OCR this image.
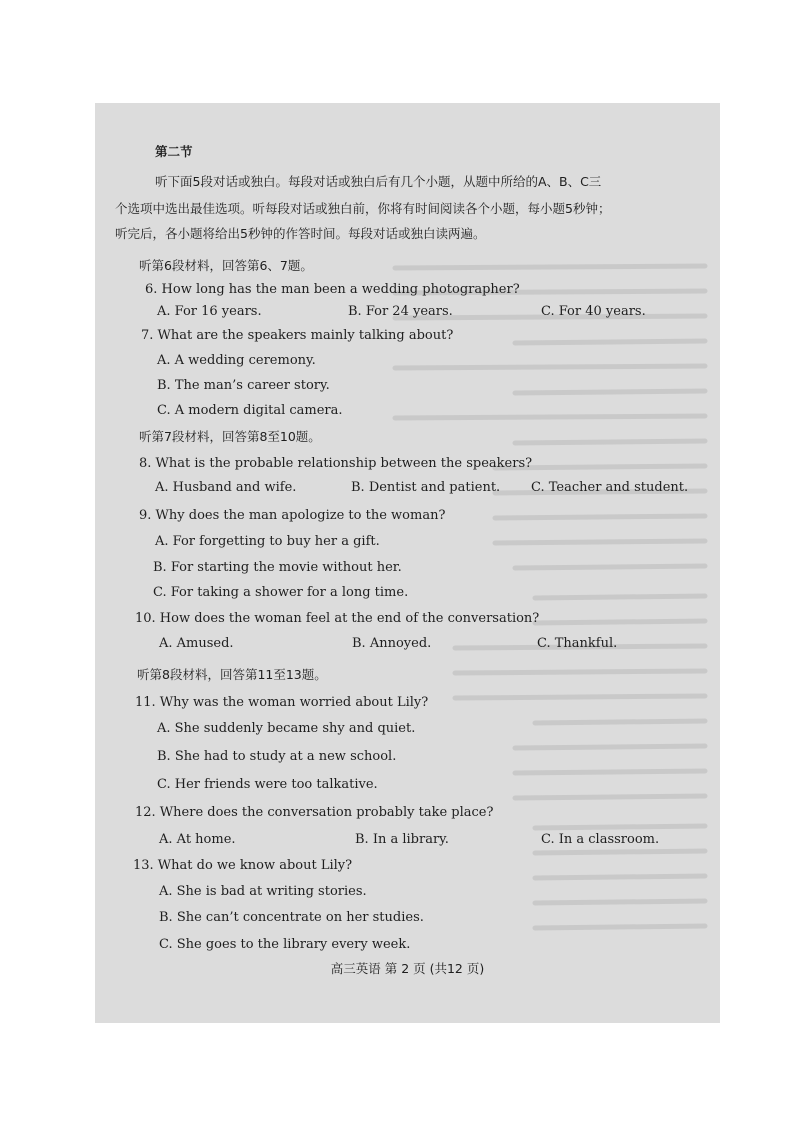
第二节
听下面5段对话或独白。每段对话或独白后有几个小题，从题中所给的A、B、C三
个选项中选出最佳选项。听每段对话或独白前，你将有时间阅读各个小题，每小题5秒钟；
听完后，各小题将给出5秒钟的作答时间。每段对话或独白读两遍。
听第6段材料，回答第6、7题。
6. How long has the man been a wedding photographer?
A. For 16 years.	B. For 24 years.	C. For 40 years.
7. What are the speakers mainly talking about?
A. A wedding ceremony.
B. The man’s career story.
C. A modern digital camera.
听第7段材料，回答第8至10题。
8. What is the probable relationship between the speakers?
A. Husband and wife.	B. Dentist and patient. C. Teacher and student.
9. Why does the man apologize to the woman?
A. For forgetting to buy her a gift.
B. For starting the movie without her.
C. For taking a shower for a long time.
10. How does the woman feel at the end of the conversation?
A. Amused.	B. Annoyed.	C. Thankful.
听第8段材料，回答第11至13题。
11. Why was the woman worried about Lily?
A. She suddenly became shy and quiet.
B. She had to study at a new school.
C. Her friends were too talkative.
12. Where does the conversation probably take place?
A. At home.	B. In a library.	C. In a classroom.
13. What do we know about Lily?
A. She is bad at writing stories.
B. She can’t concentrate on her studies.
C. She goes to the library every week.
高三英语 第 2 页 (共12 页)
